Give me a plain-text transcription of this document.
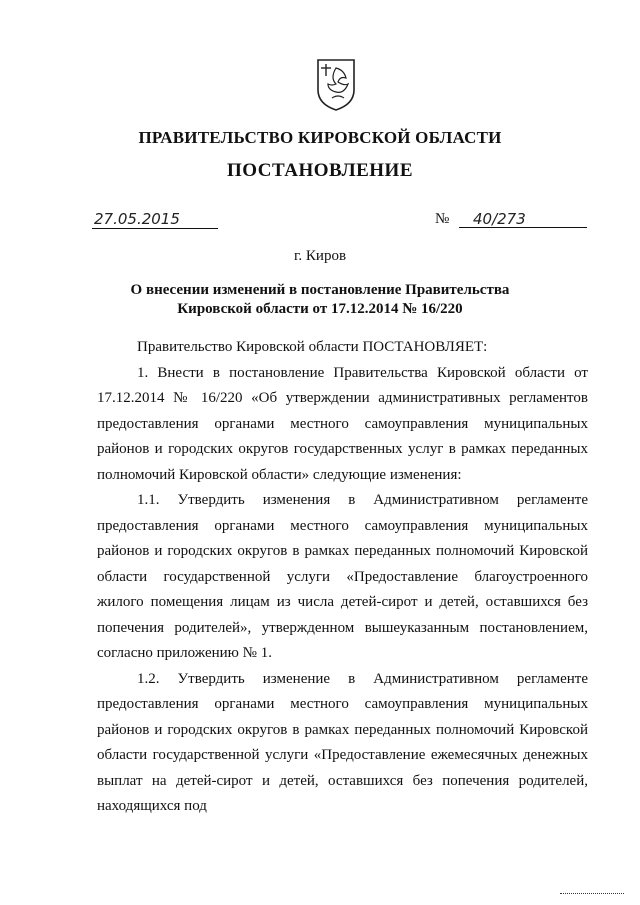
ПРАВИТЕЛЬСТВО КИРОВСКОЙ ОБЛАСТИ
ПОСТАНОВЛЕНИЕ
27.05.2015	№	40/273
г. Киров
О внесении изменений в постановление Правительства Кировской области от 17.12.2014 № 16/220

Правительство Кировской области ПОСТАНОВЛЯЕТ:

1. Внести в постановление Правительства Кировской области от 17.12.2014 № 16/220 «Об утверждении административных регламентов предоставления органами местного самоуправления муниципальных районов и городских округов государственных услуг в рамках переданных полномочий Кировской области» следующие изменения:

1.1. Утвердить изменения в Административном регламенте предоставления органами местного самоуправления муниципальных районов и городских округов в рамках переданных полномочий Кировской области государственной услуги «Предоставление благоустроенного жилого помещения лицам из числа детей-сирот и детей, оставшихся без попечения родителей», утвержденном вышеуказанным постановлением, согласно приложению № 1.

1.2. Утвердить изменение в Административном регламенте предоставления органами местного самоуправления муниципальных районов и городских округов в рамках переданных полномочий Кировской области государственной услуги «Предоставление ежемесячных денежных выплат на детей-сирот и детей, оставшихся без попечения родителей, находящихся под
